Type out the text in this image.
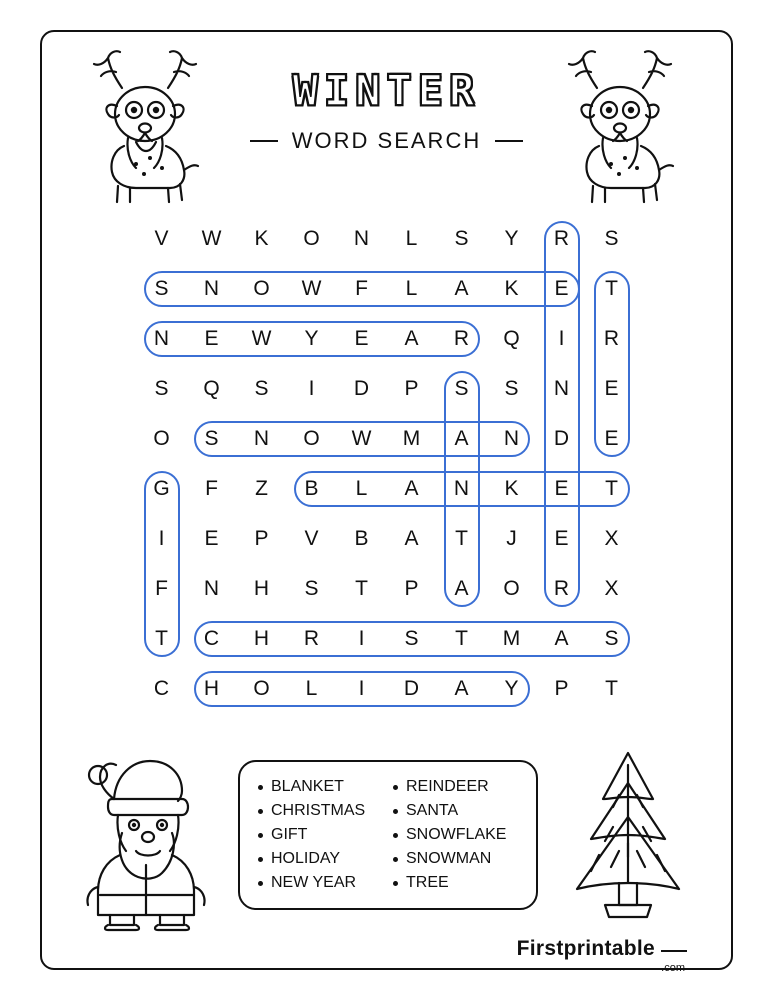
WINTER
WORD SEARCH
V	W	K	O	N	L	S	Y	R	S
S	N	O	W	F	L	A	K	E	T
N	E	W	Y	E	A	R	Q	I	R
S	Q	S	I	D	P	S	S	N	E
O	S	N	O	W	M	A	N	D	E
G	F	Z	B	L	A	N	K	E	T
I	E	P	V	B	A	T	J	E	X
F	N	H	S	T	P	A	O	R	X
T	C	H	R	I	S	T	M	A	S
C	H	O	L	I	D	A	Y	P	T
BLANKET	REINDEER
CHRISTMAS	SANTA
GIFT	SNOWFLAKE
HOLIDAY	SNOWMAN
NEW YEAR	TREE
Firstprintable
.com
